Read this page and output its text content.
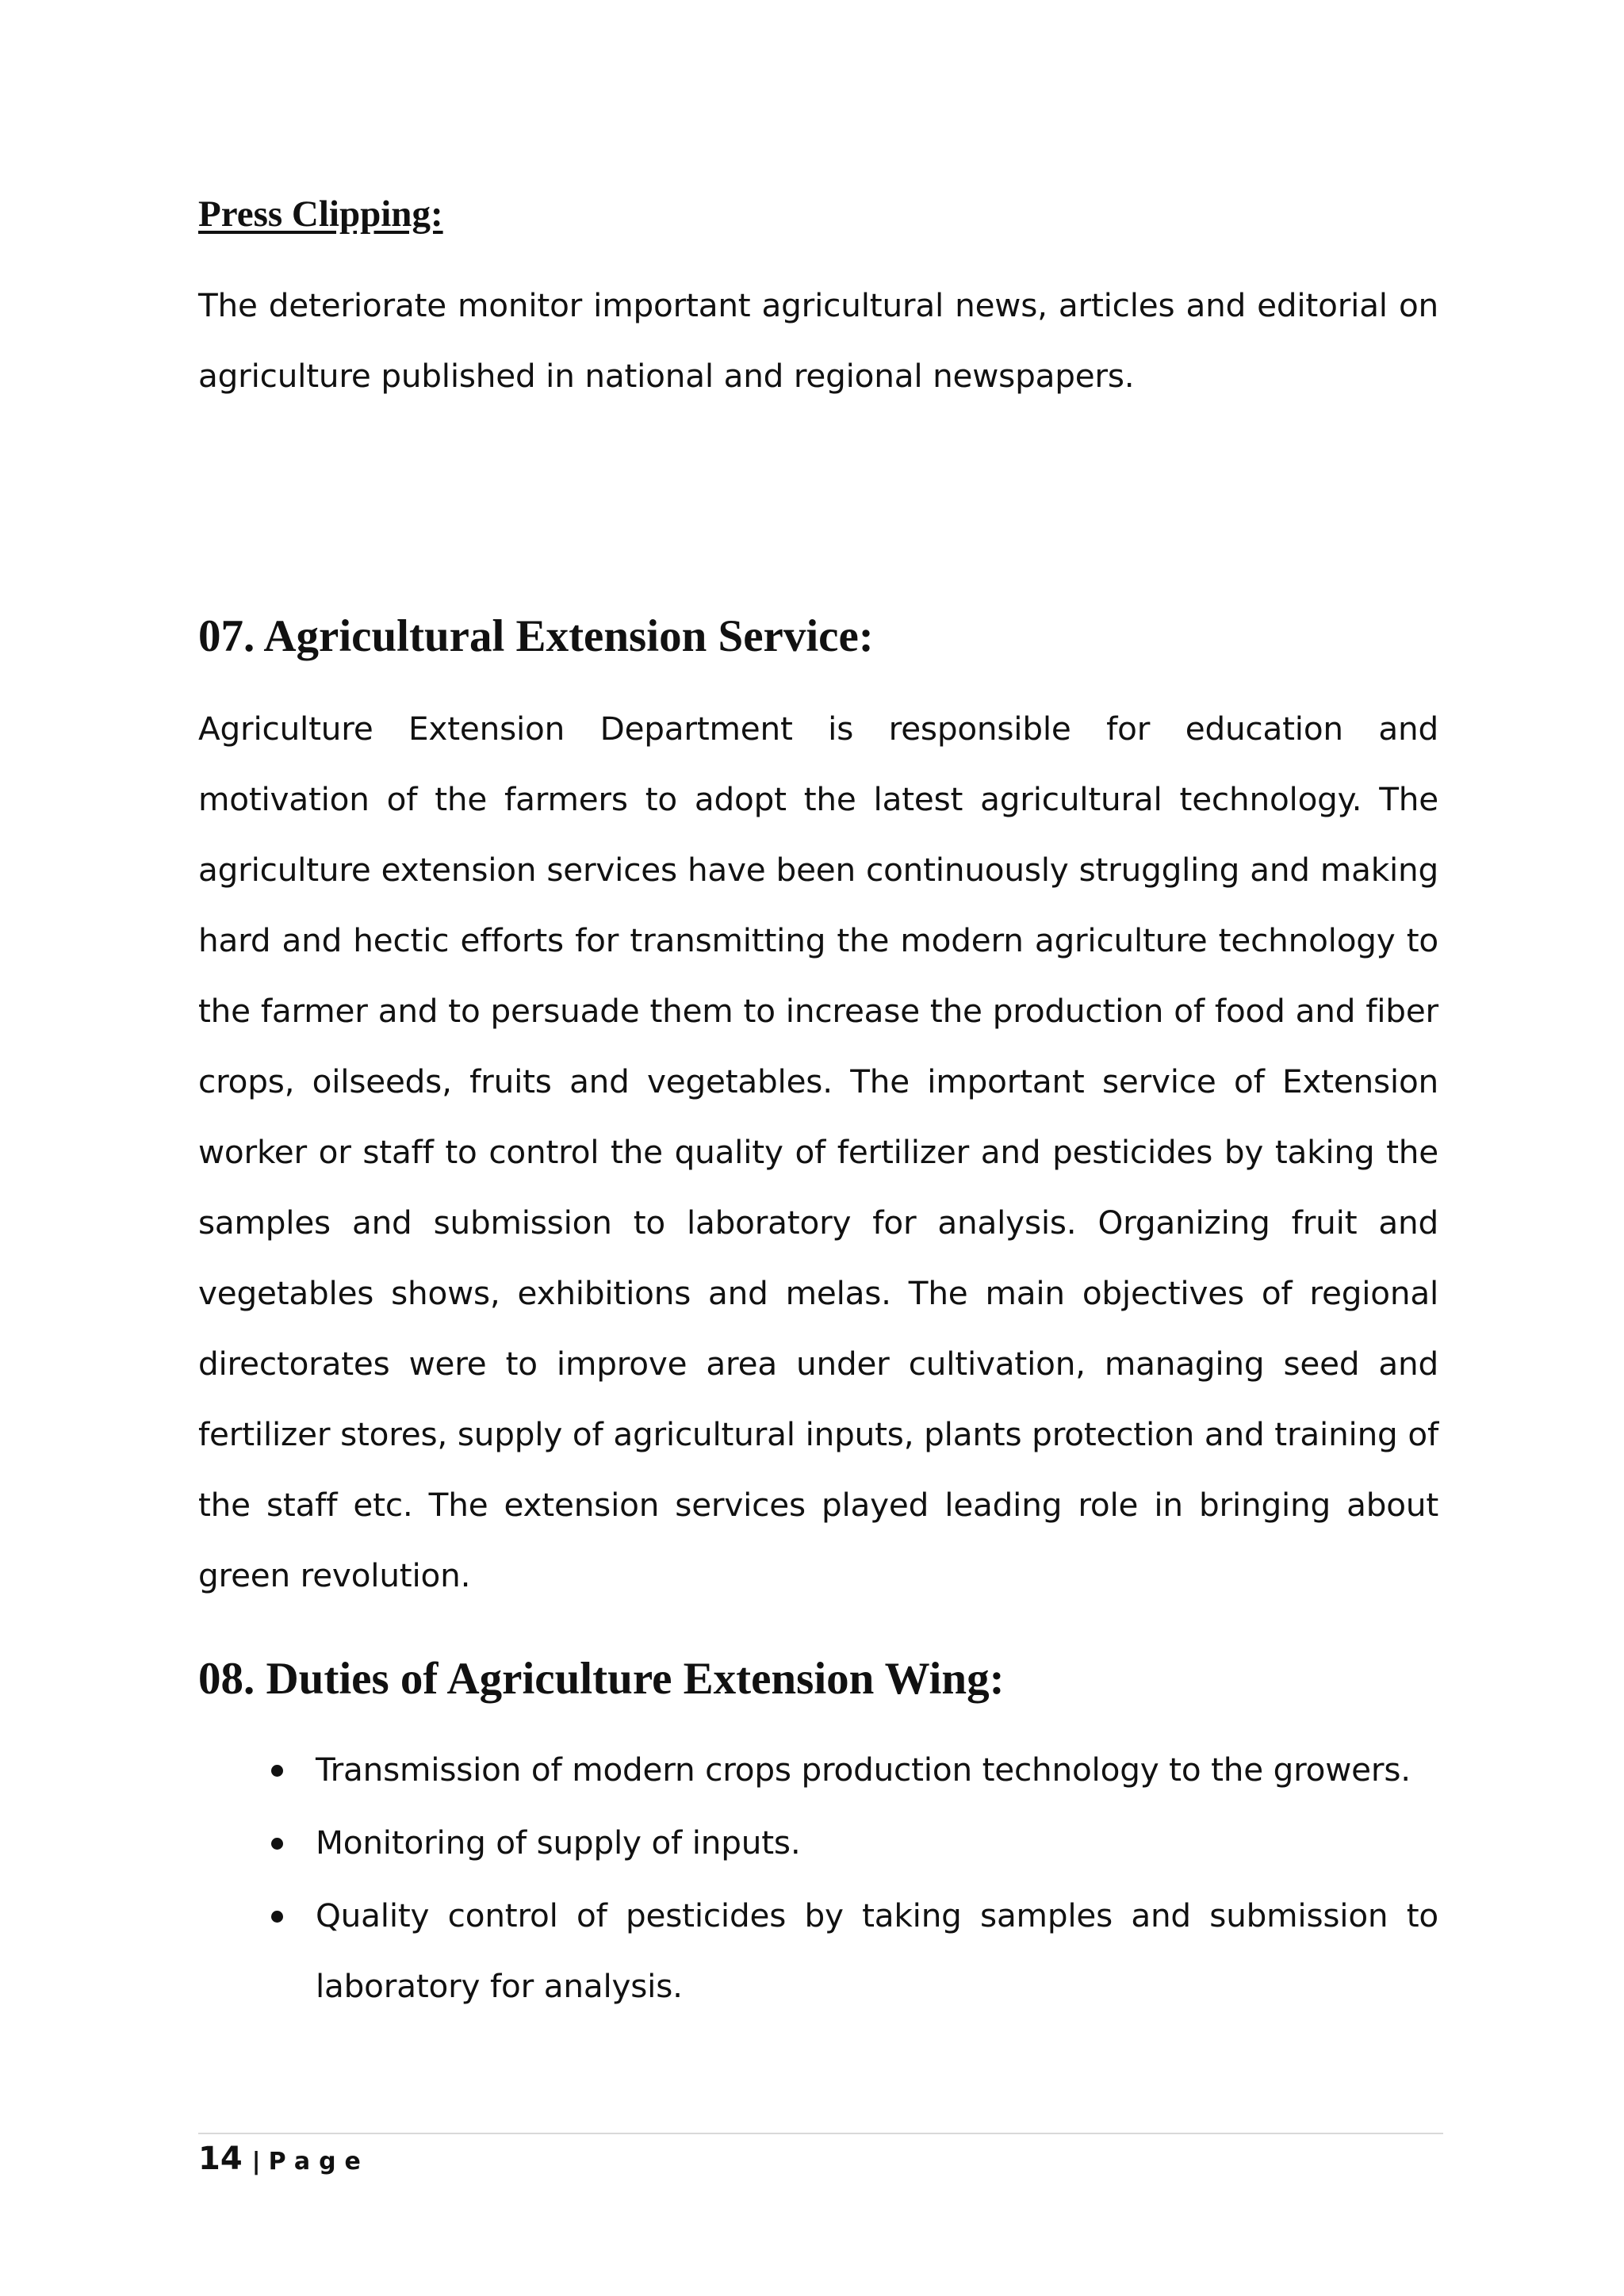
Press Clipping:

The deteriorate monitor important agricultural news, articles and editorial on agriculture published in national and regional newspapers.

07. Agricultural Extension Service:

Agriculture Extension Department is responsible for education and motivation of the farmers to adopt the latest agricultural technology. The agriculture extension services have been continuously struggling and making hard and hectic efforts for transmitting the modern agriculture technology to the farmer and to persuade them to increase the production of food and fiber crops, oilseeds, fruits and vegetables. The important service of Extension worker or staff to control the quality of fertilizer and pesticides by taking the samples and submission to laboratory for analysis. Organizing fruit and vegetables shows, exhibitions and melas. The main objectives of regional directorates were to improve area under cultivation, managing seed and fertilizer stores, supply of agricultural inputs, plants protection and training of the staff etc. The extension services played leading role in bringing about green revolution.

08. Duties of Agriculture Extension Wing:
Transmission of modern crops production technology to the growers.
Monitoring of supply of inputs.
Quality control of pesticides by taking samples and submission to laboratory for analysis.
14 | Page
